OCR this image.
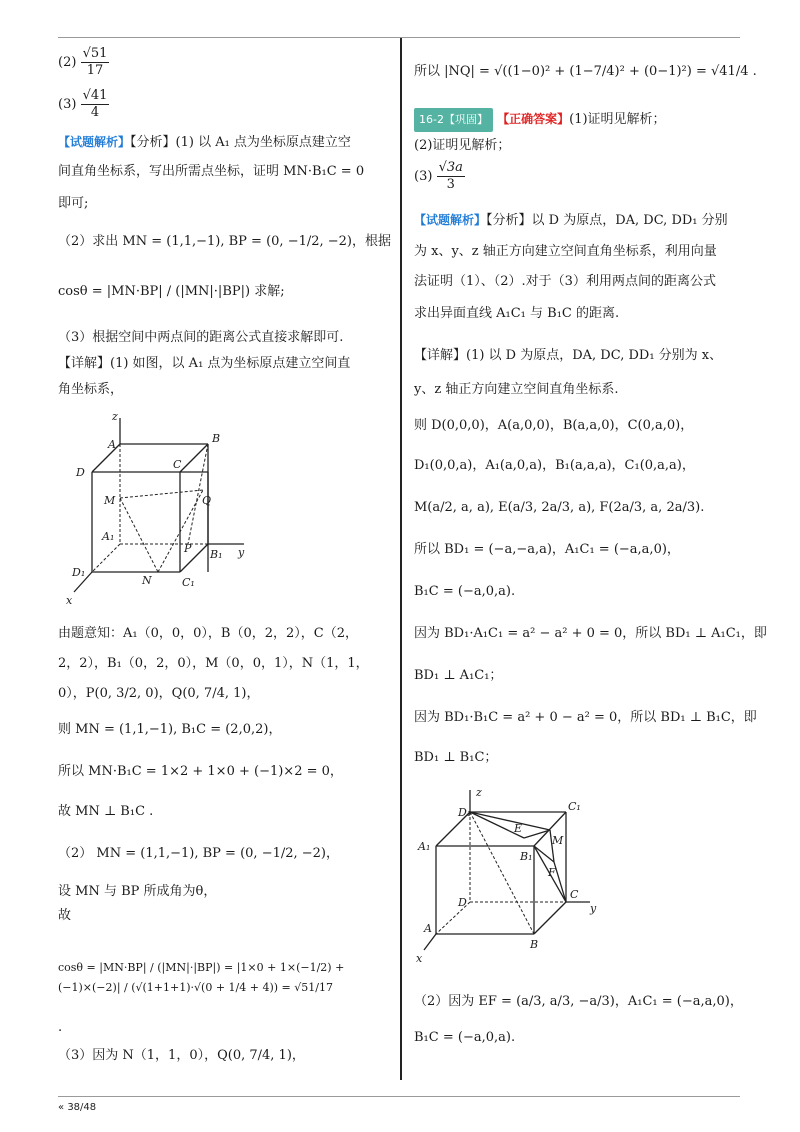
$(2) \frac{√51}{17}$
$(3) \frac{√41}{4}$
【试题解析】【分析】(1) 以 A₁ 点为坐标原点建立空
间直角坐标系，写出所需点坐标，证明 MN·B₁C = 0
即可;
（2）求出 MN = (1,1,−1), BP = (0, −1/2, −2)，根据
cosθ = |MN·BP| / (|MN|·|BP|) 求解;
（3）根据空间中两点间的距离公式直接求解即可.
【详解】(1) 如图，以 A₁ 点为坐标原点建立空间直
角坐标系，
z
A	B
C
D
M	Q
A₁
P B₁ y
D₁
N	C₁
x
由题意知：A₁（0，0，0），B（0，2，2），C（2，
2，2），B₁（0，2，0），M（0，0，1），N（1，1，
0），P(0, 3/2, 0)，Q(0, 7/4, 1)，
则 MN = (1,1,−1), B₁C = (2,0,2)，
所以 MN·B₁C = 1×2 + 1×0 + (−1)×2 = 0，
故 MN ⊥ B₁C .
（2） MN = (1,1,−1), BP = (0, −1/2, −2)，
设 MN 与 BP 所成角为θ，
故
cosθ = |MN·BP| / (|MN|·|BP|) = |1×0 + 1×(−1/2) + (−1)×(−2)| / (√(1+1+1)·√(0 + 1/4 + 4)) = √51/17
.
（3）因为 N（1，1，0），Q(0, 7/4, 1)，
所以 |NQ| = √((1−0)² + (1−7/4)² + (0−1)²) = √41/4 .
16-2【巩固】 【正确答案】(1)证明见解析；
(2)证明见解析；
$(3) \frac{√3a}{3}$
【试题解析】【分析】以 D 为原点，DA, DC, DD₁ 分别
为 x、y、z 轴正方向建立空间直角坐标系，利用向量
法证明（1）、（2）.对于（3）利用两点间的距离公式
求出异面直线 A₁C₁ 与 B₁C 的距离.
【详解】(1) 以 D 为原点，DA, DC, DD₁ 分别为 x、
y、z 轴正方向建立空间直角坐标系.
则 D(0,0,0)，A(a,0,0)，B(a,a,0)，C(0,a,0)，
D₁(0,0,a)，A₁(a,0,a)，B₁(a,a,a)，C₁(0,a,a)，
M(a/2, a, a), E(a/3, 2a/3, a), F(2a/3, a, 2a/3).
所以 BD₁ = (−a,−a,a)，A₁C₁ = (−a,a,0)，
B₁C = (−a,0,a).
因为 BD₁·A₁C₁ = a² − a² + 0 = 0，所以 BD₁ ⊥ A₁C₁，即
BD₁ ⊥ A₁C₁；
因为 BD₁·B₁C = a² + 0 − a² = 0，所以 BD₁ ⊥ B₁C，即
BD₁ ⊥ B₁C；
D₁
z
C₁
E
M
A₁
B₁
F
D
C
y
A
B
x
（2）因为 EF = (a/3, a/3, −a/3)，A₁C₁ = (−a,a,0)，
B₁C = (−a,0,a).
« 38/48
